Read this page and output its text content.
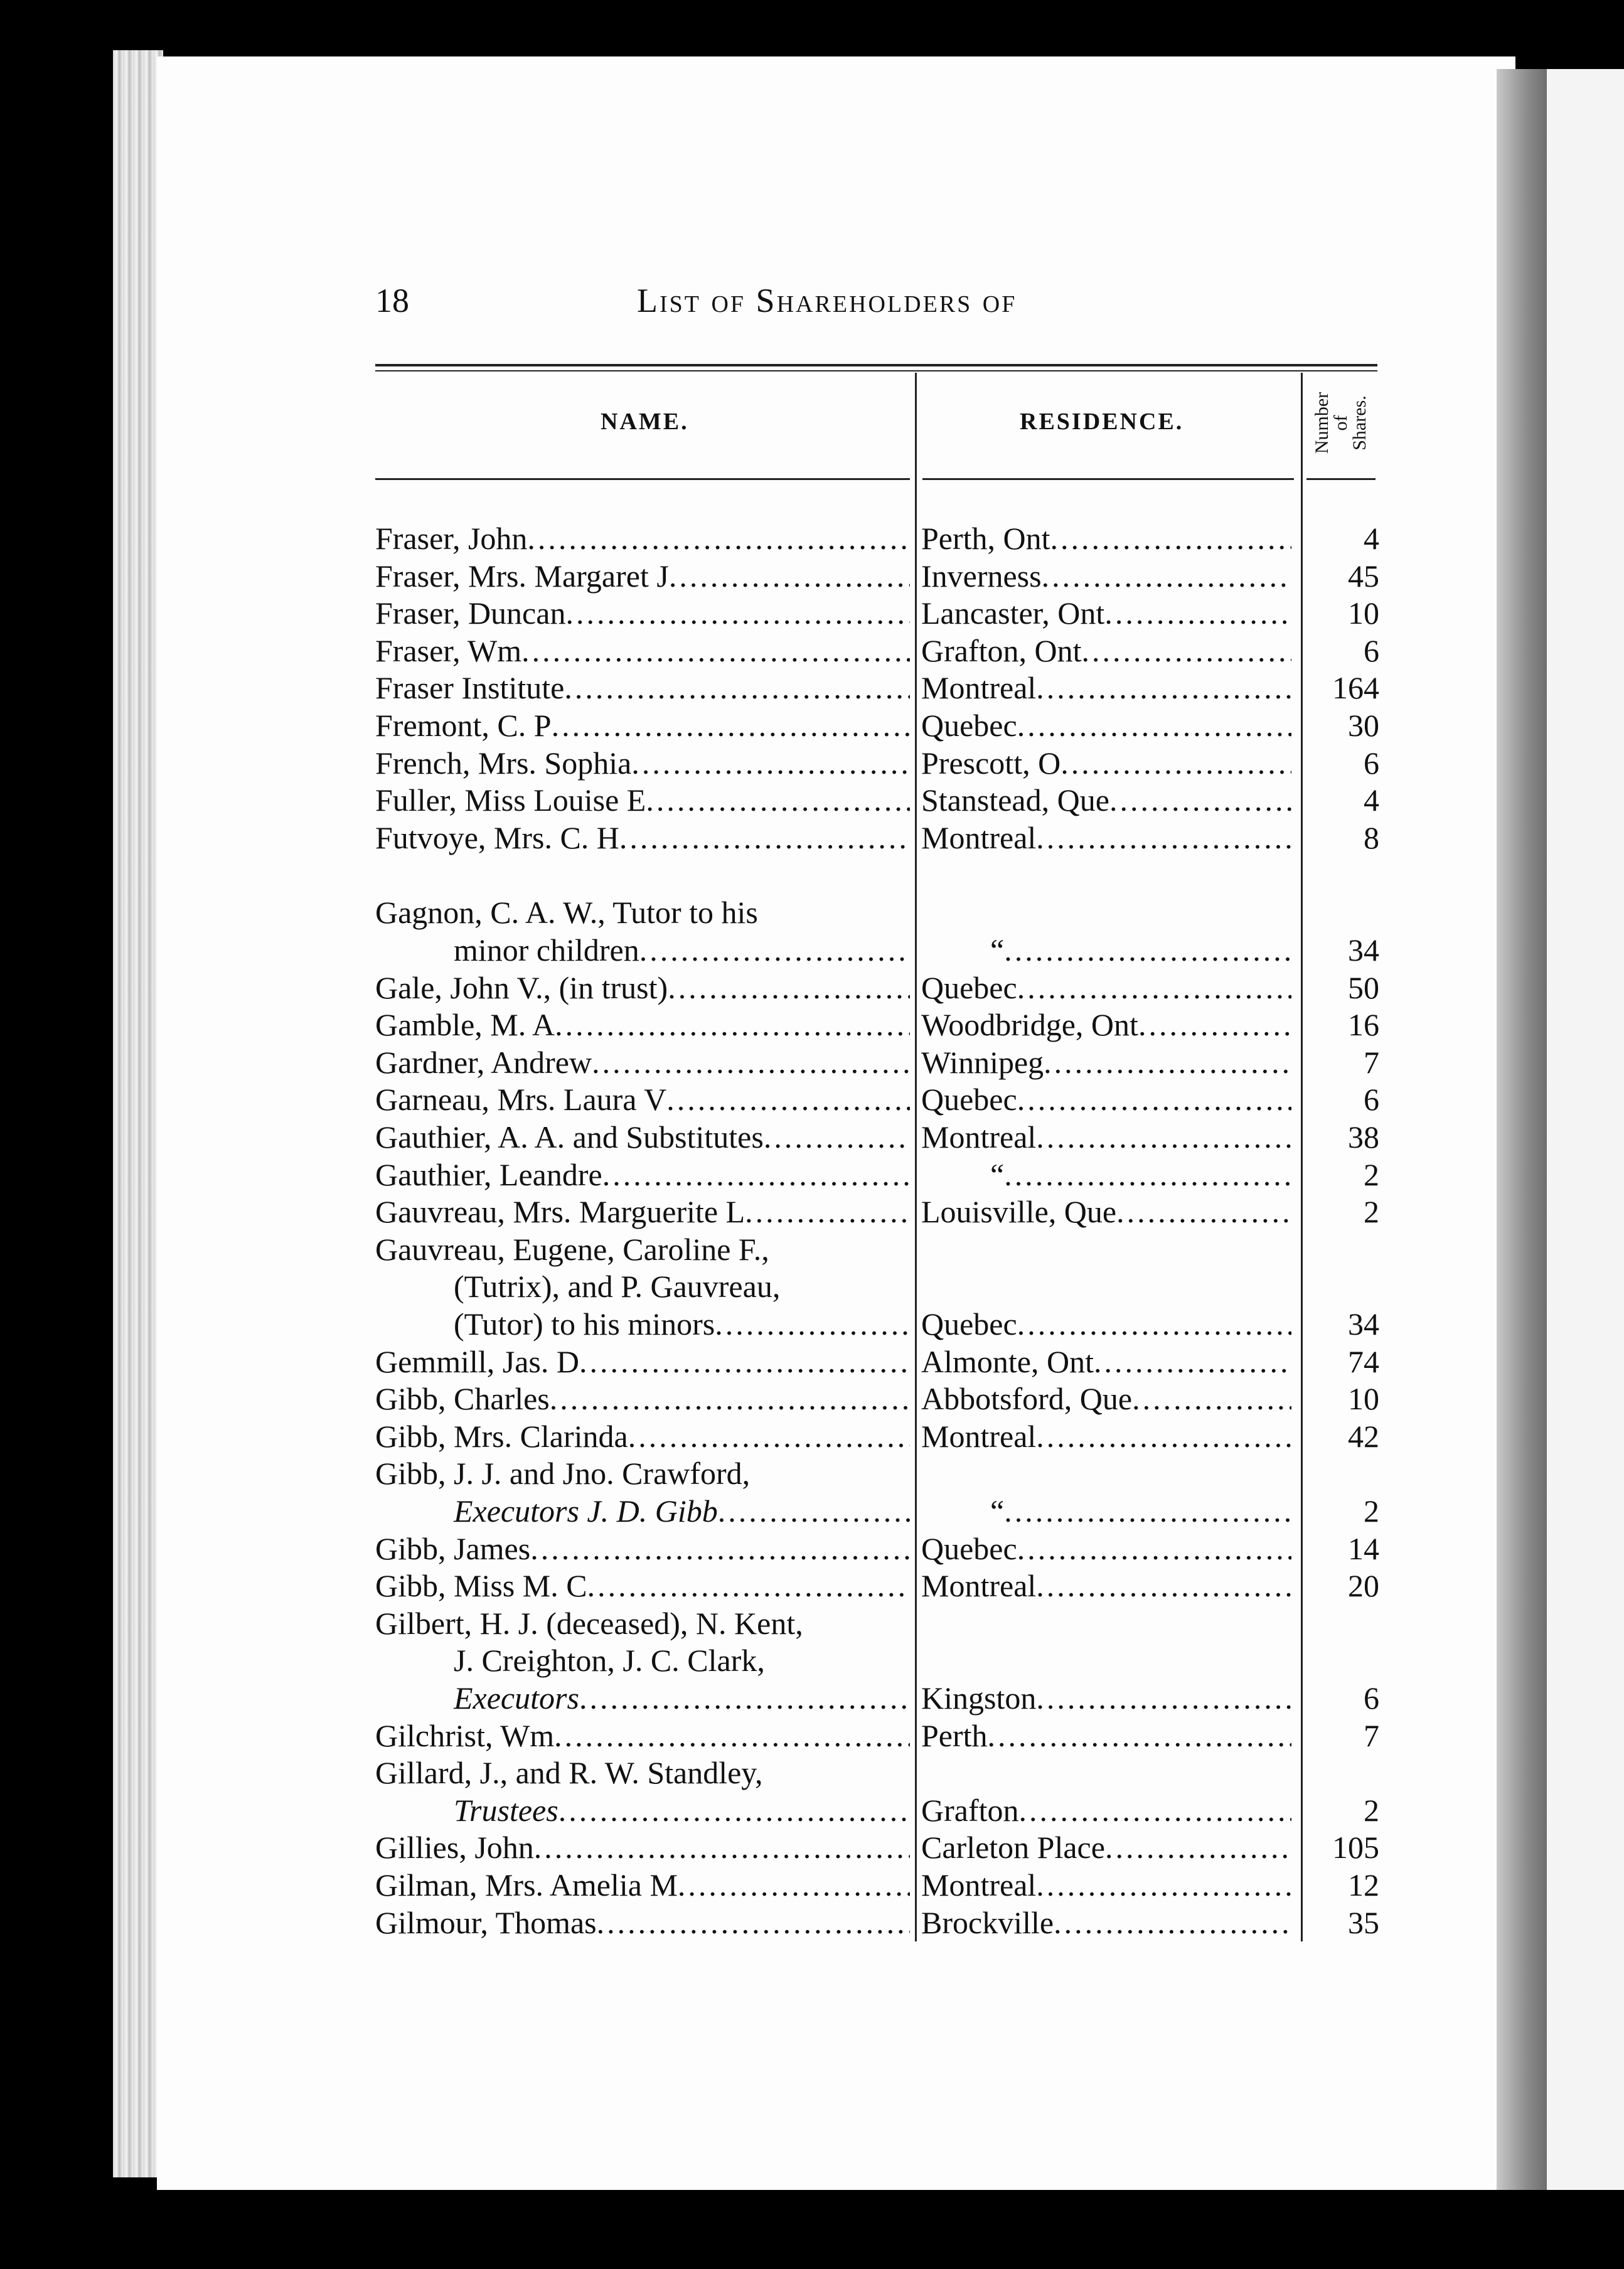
18	List of Shareholders of
NAME.	RESIDENCE.	Number
of
Shares.
Fraser, John .....	Perth, Ont .....	4
Fraser, Mrs. Margaret J .....	Inverness .....	45
Fraser, Duncan .....	Lancaster, Ont .....	10
Fraser, Wm .....	Grafton, Ont .....	6
Fraser Institute .....	Montreal .....	164
Fremont, C. P .....	Quebec .....	30
French, Mrs. Sophia .....	Prescott, O .....	6
Fuller, Miss Louise E .....	Stanstead, Que .....	4
Futvoye, Mrs. C. H .....	Montreal .....	8
Gagnon, C. A. W., Tutor to his
minor children .....	“ .....	34
Gale, John V., (in trust) .....	Quebec .....	50
Gamble, M. A .....	Woodbridge, Ont .....	16
Gardner, Andrew .....	Winnipeg .....	7
Garneau, Mrs. Laura V .....	Quebec .....	6
Gauthier, A. A. and Substitutes .....	Montreal .....	38
Gauthier, Leandre .....	“ .....	2
Gauvreau, Mrs. Marguerite L .....	Louisville, Que .....	2
Gauvreau, Eugene, Caroline F.,
(Tutrix), and P. Gauvreau,
(Tutor) to his minors .....	Quebec .....	34
Gemmill, Jas. D .....	Almonte, Ont .....	74
Gibb, Charles .....	Abbotsford, Que .....	10
Gibb, Mrs. Clarinda .....	Montreal .....	42
Gibb, J. J. and Jno. Crawford,
Executors J. D. Gibb .....	“ .....	2
Gibb, James .....	Quebec .....	14
Gibb, Miss M. C .....	Montreal .....	20
Gilbert, H. J. (deceased), N. Kent,
J. Creighton, J. C. Clark,
Executors .....	Kingston .....	6
Gilchrist, Wm .....	Perth .....	7
Gillard, J., and R. W. Standley,
Trustees .....	Grafton .....	2
Gillies, John .....	Carleton Place .....	105
Gilman, Mrs. Amelia M .....	Montreal .....	12
Gilmour, Thomas .....	Brockville .....	35
